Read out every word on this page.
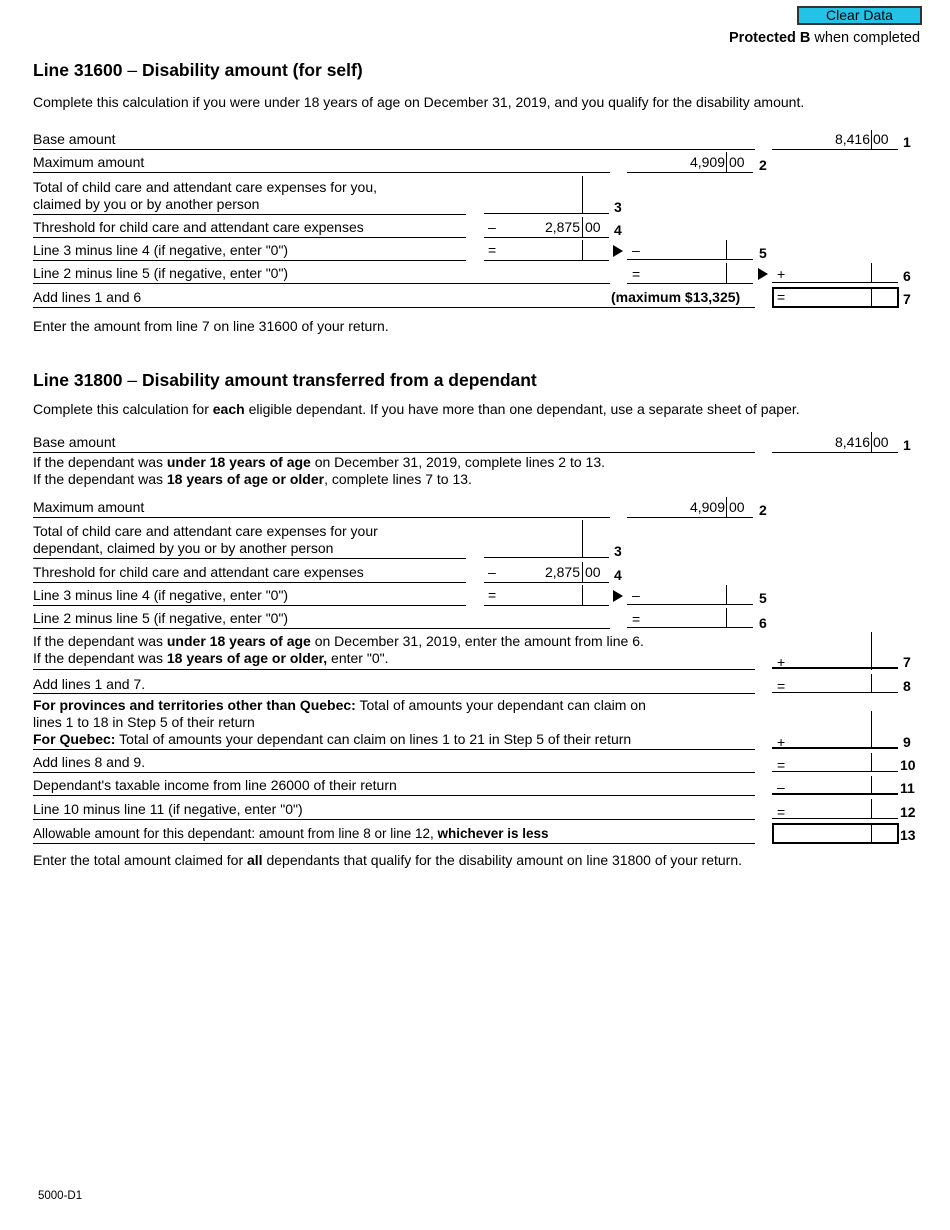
Clear Data
Protected B when completed
Line 31600 – Disability amount (for self)
Complete this calculation if you were under 18 years of age on December 31, 2019, and you qualify for the disability amount.
Base amount	8,416 00	1
Maximum amount	4,909 00	2
Total of child care and attendant care expenses for you,
claimed by you or by another person	3
Threshold for child care and attendant care expenses	–	2,875 00 4
Line 3 minus line 4 (if negative, enter "0")	=	–	5
Line 2 minus line 5 (if negative, enter "0")	=	+	6
Add lines 1 and 6	(maximum $13,325)	=	7
Enter the amount from line 7 on line 31600 of your return.
Line 31800 – Disability amount transferred from a dependant
Complete this calculation for each eligible dependant. If you have more than one dependant, use a separate sheet of paper.
Base amount	8,416 00	1
If the dependant was under 18 years of age on December 31, 2019, complete lines 2 to 13.
If the dependant was 18 years of age or older, complete lines 7 to 13.
Maximum amount	4,909 00	2
Total of child care and attendant care expenses for your
dependant, claimed by you or by another person	3
Threshold for child care and attendant care expenses	–	2,875 00 4
Line 3 minus line 4 (if negative, enter "0")	=	–	5
Line 2 minus line 5 (if negative, enter "0")	=	6
If the dependant was under 18 years of age on December 31, 2019, enter the amount from line 6.
If the dependant was 18 years of age or older, enter "0".	+	7
Add lines 1 and 7.	=	8
For provinces and territories other than Quebec: Total of amounts your dependant can claim on
lines 1 to 18 in Step 5 of their return
For Quebec: Total of amounts your dependant can claim on lines 1 to 21 in Step 5 of their return	+	9
Add lines 8 and 9.	=	10
Dependant's taxable income from line 26000 of their return	–	11
Line 10 minus line 11 (if negative, enter "0")	=	12
Allowable amount for this dependant: amount from line 8 or line 12, whichever is less	13
Enter the total amount claimed for all dependants that qualify for the disability amount on line 31800 of your return.
5000-D1
